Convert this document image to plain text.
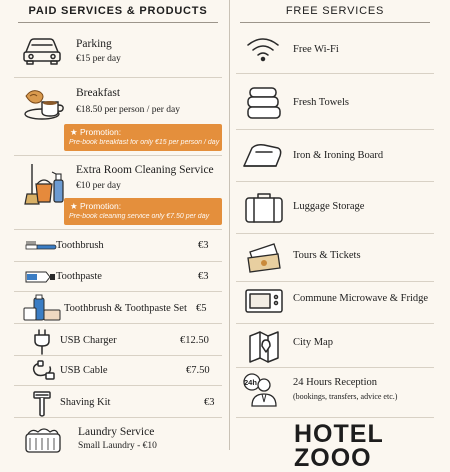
PAID SERVICES & PRODUCTS
Parking
€15 per day
Breakfast
€18.50 per person / per day
★ Promotion:
Pre-book breakfast for only €15 per person / day
Extra Room Cleaning Service
€10 per day
★ Promotion:
Pre-book cleaning service only €7.50 per day
Toothbrush	€3
Toothpaste	€3
Toothbrush & Toothpaste Set €5
USB Charger	€12.50
USB Cable	€7.50
Shaving Kit	€3
Laundry Service
Small Laundry - €10
FREE SERVICES
Free Wi-Fi
Fresh Towels
Iron & Ironing Board
Luggage Storage
Tours & Tickets
Commune Microwave & Fridge
City Map
24h	24 Hours Reception
(bookings, transfers, advice etc.)
HOTEL
ZOOO
